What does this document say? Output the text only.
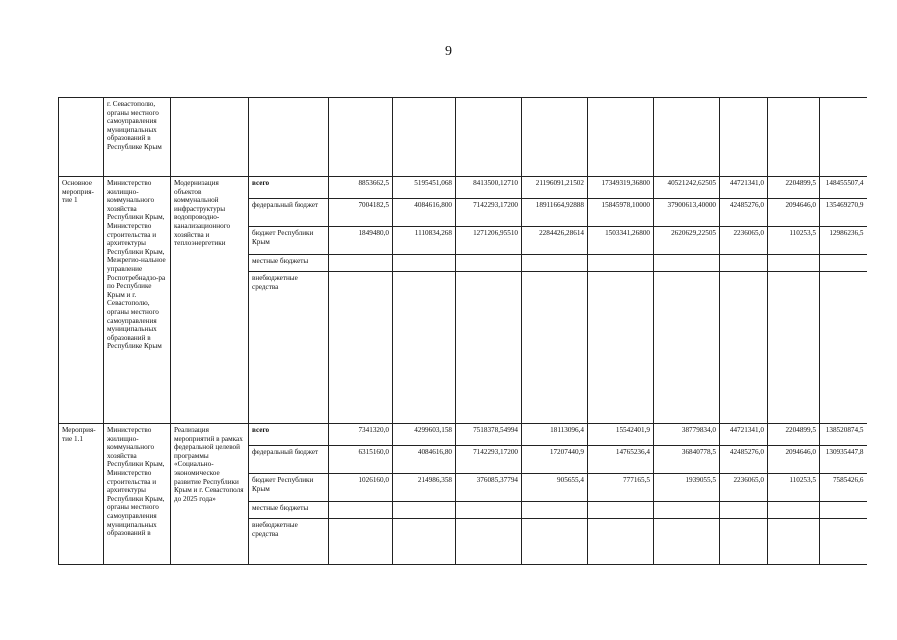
9
	г. Севастополю, органы местного самоуправления муниципальных образований в Республике Крым											
Основное мероприя-тие 1	Министерство жилищно-коммунального хозяйства Республики Крым, Министерство строительства и архитектуры Республики Крым, Межрегио-нальное управление Роспотребнадзо-ра по Республике Крым и г. Севастополю, органы местного самоуправления муниципальных образований в Республике Крым	Модернизация объектов коммунальной инфраструктуры водопроводно-канализационного хозяйства и теплоэнергетики	всего	8853662,5	5195451,068	8413500,12710	21196091,21502	17349319,36800	40521242,62505	44721341,0	2204899,5	148455507,4
			федеральный бюджет	7004182,5	4084616,800	7142293,17200	18911664,92888	15845978,10000	37900613,40000	42485276,0	2094646,0	135469270,9
			бюджет Республики Крым	1849480,0	1110834,268	1271206,95510	2284426,28614	1503341,26800	2620629,22505	2236065,0	110253,5	12986236,5
			местные бюджеты									
			внебюджетные средства									
Мероприя-тие 1.1	Министерство жилищно-коммунального хозяйства Республики Крым, Министерство строительства и архитектуры Республики Крым, органы местного самоуправления муниципальных образований в	Реализация мероприятий в рамках федеральной целевой программы «Социально-экономическое развитие Республики Крым и г. Севастополя до 2025 года»	всего	7341320,0	4299603,158	7518378,54994	18113096,4	15542401,9	38779834,0	44721341,0	2204899,5	138520874,5
			федеральный бюджет	6315160,0	4084616,80	7142293,17200	17207440,9	14765236,4	36840778,5	42485276,0	2094646,0	130935447,8
			бюджет Республики Крым	1026160,0	214986,358	376085,37794	905655,4	777165,5	1939055,5	2236065,0	110253,5	7585426,6
			местные бюджеты									
			внебюджетные средства									
